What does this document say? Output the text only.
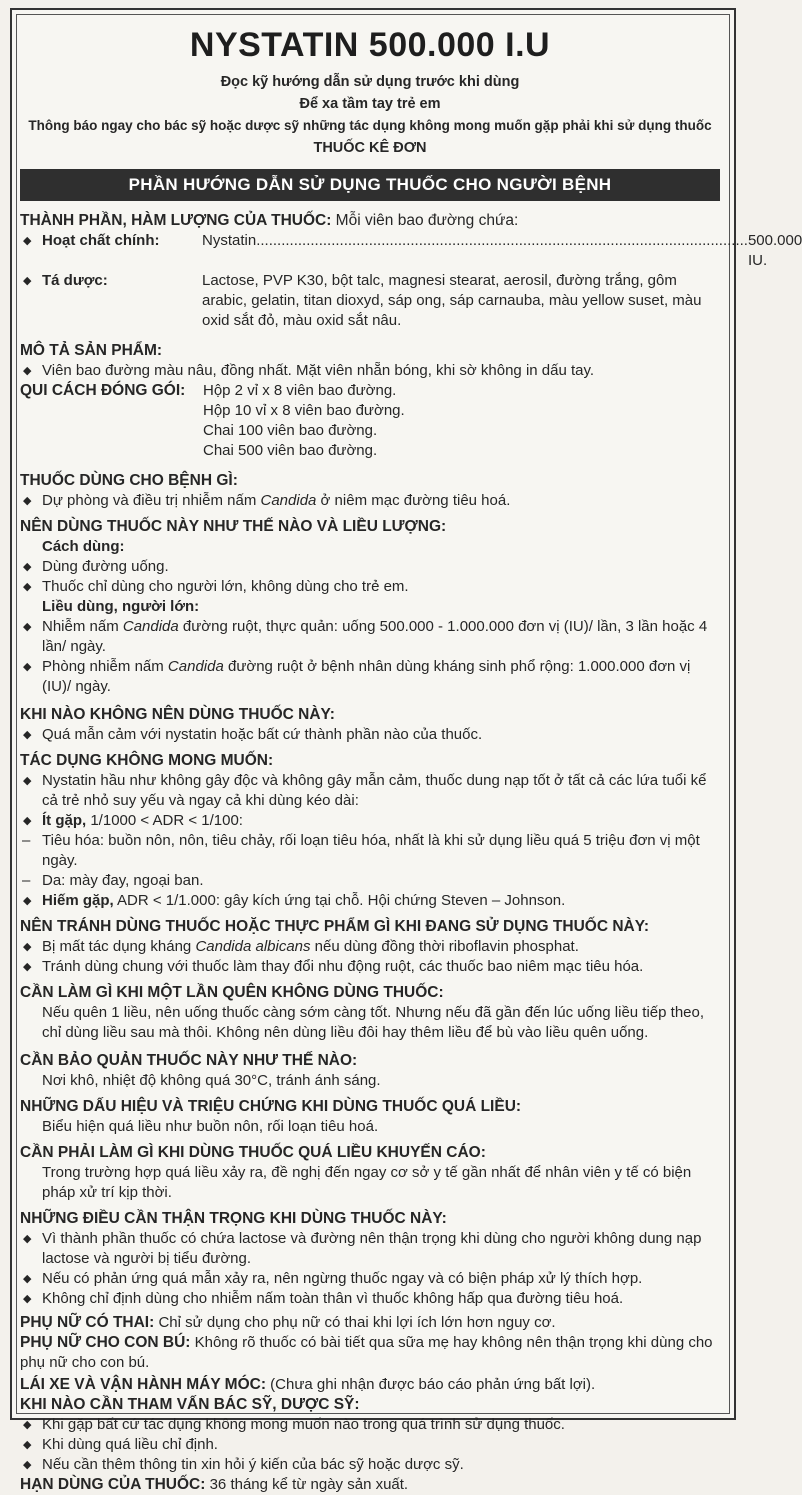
NYSTATIN 500.000 I.U
Đọc kỹ hướng dẫn sử dụng trước khi dùng
Để xa tầm tay trẻ em
Thông báo ngay cho bác sỹ hoặc dược sỹ những tác dụng không mong muốn gặp phải khi sử dụng thuốc
THUỐC KÊ ĐƠN
PHẦN HƯỚNG DẪN SỬ DỤNG THUỐC CHO NGƯỜI BỆNH
THÀNH PHẦN, HÀM LƯỢNG CỦA THUỐC: Mỗi viên bao đường chứa:
◆ Hoạt chất chính:	Nystatin ...................................................................................................................... 500.000 IU.
◆ Tá dược:	Lactose, PVP K30, bột talc, magnesi stearat, aerosil, đường trắng, gôm arabic, gelatin, titan dioxyd, sáp ong, sáp carnauba, màu yellow suset, màu oxid sắt đỏ, màu oxid sắt nâu.
MÔ TẢ SẢN PHẨM:
◆ Viên bao đường màu nâu, đồng nhất. Mặt viên nhẵn bóng, khi sờ không in dấu tay.
QUI CÁCH ĐÓNG GÓI:	Hộp 2 vỉ x 8 viên bao đường.
Hộp 10 vỉ x 8 viên bao đường.
Chai 100 viên bao đường.
Chai 500 viên bao đường.
THUỐC DÙNG CHO BỆNH GÌ:
◆ Dự phòng và điều trị nhiễm nấm Candida ở niêm mạc đường tiêu hoá.
NÊN DÙNG THUỐC NÀY NHƯ THẾ NÀO VÀ LIỀU LƯỢNG:
Cách dùng:
◆ Dùng đường uống.
◆ Thuốc chỉ dùng cho người lớn, không dùng cho trẻ em.
Liều dùng, người lớn:
◆ Nhiễm nấm Candida đường ruột, thực quản: uống 500.000 - 1.000.000 đơn vị (IU)/ lần, 3 lần hoặc 4 lần/ ngày.
◆ Phòng nhiễm nấm Candida đường ruột ở bệnh nhân dùng kháng sinh phổ rộng: 1.000.000 đơn vị (IU)/ ngày.
KHI NÀO KHÔNG NÊN DÙNG THUỐC NÀY:
◆ Quá mẫn cảm với nystatin hoặc bất cứ thành phần nào của thuốc.
TÁC DỤNG KHÔNG MONG MUỐN:
◆ Nystatin hầu như không gây độc và không gây mẫn cảm, thuốc dung nạp tốt ở tất cả các lứa tuổi kể cả trẻ nhỏ suy yếu và ngay cả khi dùng kéo dài:
◆ Ít gặp, 1/1000 < ADR < 1/100:
– Tiêu hóa: buồn nôn, nôn, tiêu chảy, rối loạn tiêu hóa, nhất là khi sử dụng liều quá 5 triệu đơn vị một ngày.
– Da: mày đay, ngoại ban.
◆ Hiếm gặp, ADR < 1/1.000: gây kích ứng tại chỗ. Hội chứng Steven – Johnson.
NÊN TRÁNH DÙNG THUỐC HOẶC THỰC PHẨM GÌ KHI ĐANG SỬ DỤNG THUỐC NÀY:
◆ Bị mất tác dụng kháng Candida albicans nếu dùng đồng thời riboflavin phosphat.
◆ Tránh dùng chung với thuốc làm thay đổi nhu động ruột, các thuốc bao niêm mạc tiêu hóa.
CẦN LÀM GÌ KHI MỘT LẦN QUÊN KHÔNG DÙNG THUỐC:
Nếu quên 1 liều, nên uống thuốc càng sớm càng tốt. Nhưng nếu đã gần đến lúc uống liều tiếp theo, chỉ dùng liều sau mà thôi. Không nên dùng liều đôi hay thêm liều để bù vào liều quên uống.
CẦN BẢO QUẢN THUỐC NÀY NHƯ THẾ NÀO:
Nơi khô, nhiệt độ không quá 30°C, tránh ánh sáng.
NHỮNG DẤU HIỆU VÀ TRIỆU CHỨNG KHI DÙNG THUỐC QUÁ LIỀU:
Biểu hiện quá liều như buồn nôn, rối loạn tiêu hoá.
CẦN PHẢI LÀM GÌ KHI DÙNG THUỐC QUÁ LIỀU KHUYẾN CÁO:
Trong trường hợp quá liều xảy ra, đề nghị đến ngay cơ sở y tế gần nhất để nhân viên y tế có biện pháp xử trí kịp thời.
NHỮNG ĐIỀU CẦN THẬN TRỌNG KHI DÙNG THUỐC NÀY:
◆ Vì thành phần thuốc có chứa lactose và đường nên thận trọng khi dùng cho người không dung nạp lactose và người bị tiểu đường.
◆ Nếu có phản ứng quá mẫn xảy ra, nên ngừng thuốc ngay và có biện pháp xử lý thích hợp.
◆ Không chỉ định dùng cho nhiễm nấm toàn thân vì thuốc không hấp qua đường tiêu hoá.
PHỤ NỮ CÓ THAI: Chỉ sử dụng cho phụ nữ có thai khi lợi ích lớn hơn nguy cơ.
PHỤ NỮ CHO CON BÚ: Không rõ thuốc có bài tiết qua sữa mẹ hay không nên thận trọng khi dùng cho phụ nữ cho con bú.
LÁI XE VÀ VẬN HÀNH MÁY MÓC: (Chưa ghi nhận được báo cáo phản ứng bất lợi).
KHI NÀO CẦN THAM VẤN BÁC SỸ, DƯỢC SỸ:
◆ Khi gặp bất cứ tác dụng không mong muốn nào trong quá trình sử dụng thuốc.
◆ Khi dùng quá liều chỉ định.
◆ Nếu cần thêm thông tin xin hỏi ý kiến của bác sỹ hoặc dược sỹ.
HẠN DÙNG CỦA THUỐC: 36 tháng kể từ ngày sản xuất.
